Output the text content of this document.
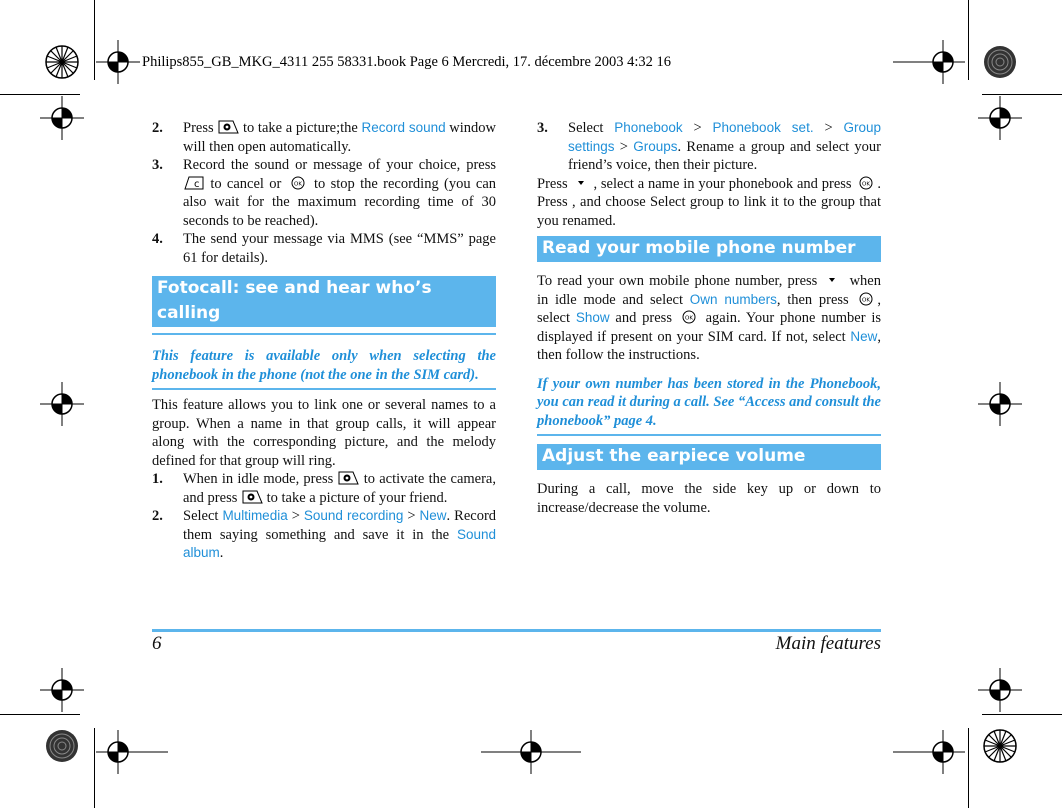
Philips855_GB_MKG_4311 255 58331.book Page 6 Mercredi, 17. décembre 2003 4:32 16
2. Press to take a picture;the Record sound window will then open automatically.
3. Record the sound or message of your choice, press
c to cancel or OK to stop the recording (you can also wait for the maximum recording time of 30 seconds to be reached).
4. The send your message via MMS (see “MMS” page 61 for details).
Fotocall: see and hear who’s calling
This feature is available only when selecting the phonebook in the phone (not the one in the SIM card).

This feature allows you to link one or several names to a group. When a name in that group calls, it will appear along with the corresponding picture, and the melody defined for that group will ring.

1. When in idle mode, press to activate the camera, and press to take a picture of your friend.
2. Select Multimedia > Sound recording > New. Record them saying something and save it in the Sound album.
3. Select Phonebook > Phonebook set. > Group settings > Groups. Rename a group and select your friend’s voice, then their picture.

Press , select a name in your phonebook and press OK . Press , and choose Select group to link it to the group that you renamed.

Read your mobile phone number

To read your own mobile phone number, press when in idle mode and select Own numbers, then press OK , select Show and press OK again. Your phone number is displayed if present on your SIM card. If not, select New, then follow the instructions.

If your own number has been stored in the Phonebook, you can read it during a call. See “Access and consult the phonebook” page 4.
Adjust the earpiece volume

During a call, move the side key up or down to increase/decrease the volume.

6	Main features
